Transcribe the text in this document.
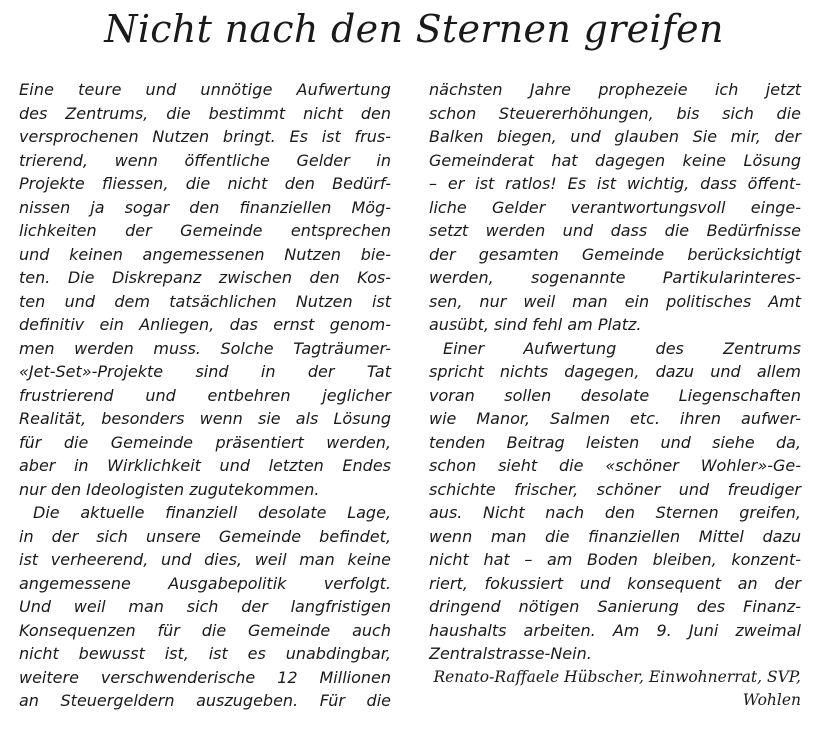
Nicht nach den Sternen greifen
Eine teure und unnötige Aufwertung
des Zentrums, die bestimmt nicht den
versprochenen Nutzen bringt. Es ist frus-
trierend, wenn öffentliche Gelder in
Projekte fliessen, die nicht den Bedürf-
nissen ja sogar den finanziellen Mög-
lichkeiten der Gemeinde entsprechen
und keinen angemessenen Nutzen bie-
ten. Die Diskrepanz zwischen den Kos-
ten und dem tatsächlichen Nutzen ist
definitiv ein Anliegen, das ernst genom-
men werden muss. Solche Tagträumer-
«Jet-Set»-Projekte sind in der Tat
frustrierend und entbehren jeglicher
Realität, besonders wenn sie als Lösung
für die Gemeinde präsentiert werden,
aber in Wirklichkeit und letzten Endes
nur den Ideologisten zugutekommen.
Die aktuelle finanziell desolate Lage,
in der sich unsere Gemeinde befindet,
ist verheerend, und dies, weil man keine
angemessene Ausgabepolitik verfolgt.
Und weil man sich der langfristigen
Konsequenzen für die Gemeinde auch
nicht bewusst ist, ist es unabdingbar,
weitere verschwenderische 12 Millionen
an Steuergeldern auszugeben. Für die
nächsten Jahre prophezeie ich jetzt
schon Steuererhöhungen, bis sich die
Balken biegen, und glauben Sie mir, der
Gemeinderat hat dagegen keine Lösung
– er ist ratlos! Es ist wichtig, dass öffent-
liche Gelder verantwortungsvoll einge-
setzt werden und dass die Bedürfnisse
der gesamten Gemeinde berücksichtigt
werden, sogenannte Partikularinteres-
sen, nur weil man ein politisches Amt
ausübt, sind fehl am Platz.
Einer Aufwertung des Zentrums
spricht nichts dagegen, dazu und allem
voran sollen desolate Liegenschaften
wie Manor, Salmen etc. ihren aufwer-
tenden Beitrag leisten und siehe da,
schon sieht die «schöner Wohler»-Ge-
schichte frischer, schöner und freudiger
aus. Nicht nach den Sternen greifen,
wenn man die finanziellen Mittel dazu
nicht hat – am Boden bleiben, konzent-
riert, fokussiert und konsequent an der
dringend nötigen Sanierung des Finanz-
haushalts arbeiten. Am 9. Juni zweimal
Zentralstrasse-Nein.
Renato-Raffaele Hübscher, Einwohnerrat, SVP,
Wohlen
